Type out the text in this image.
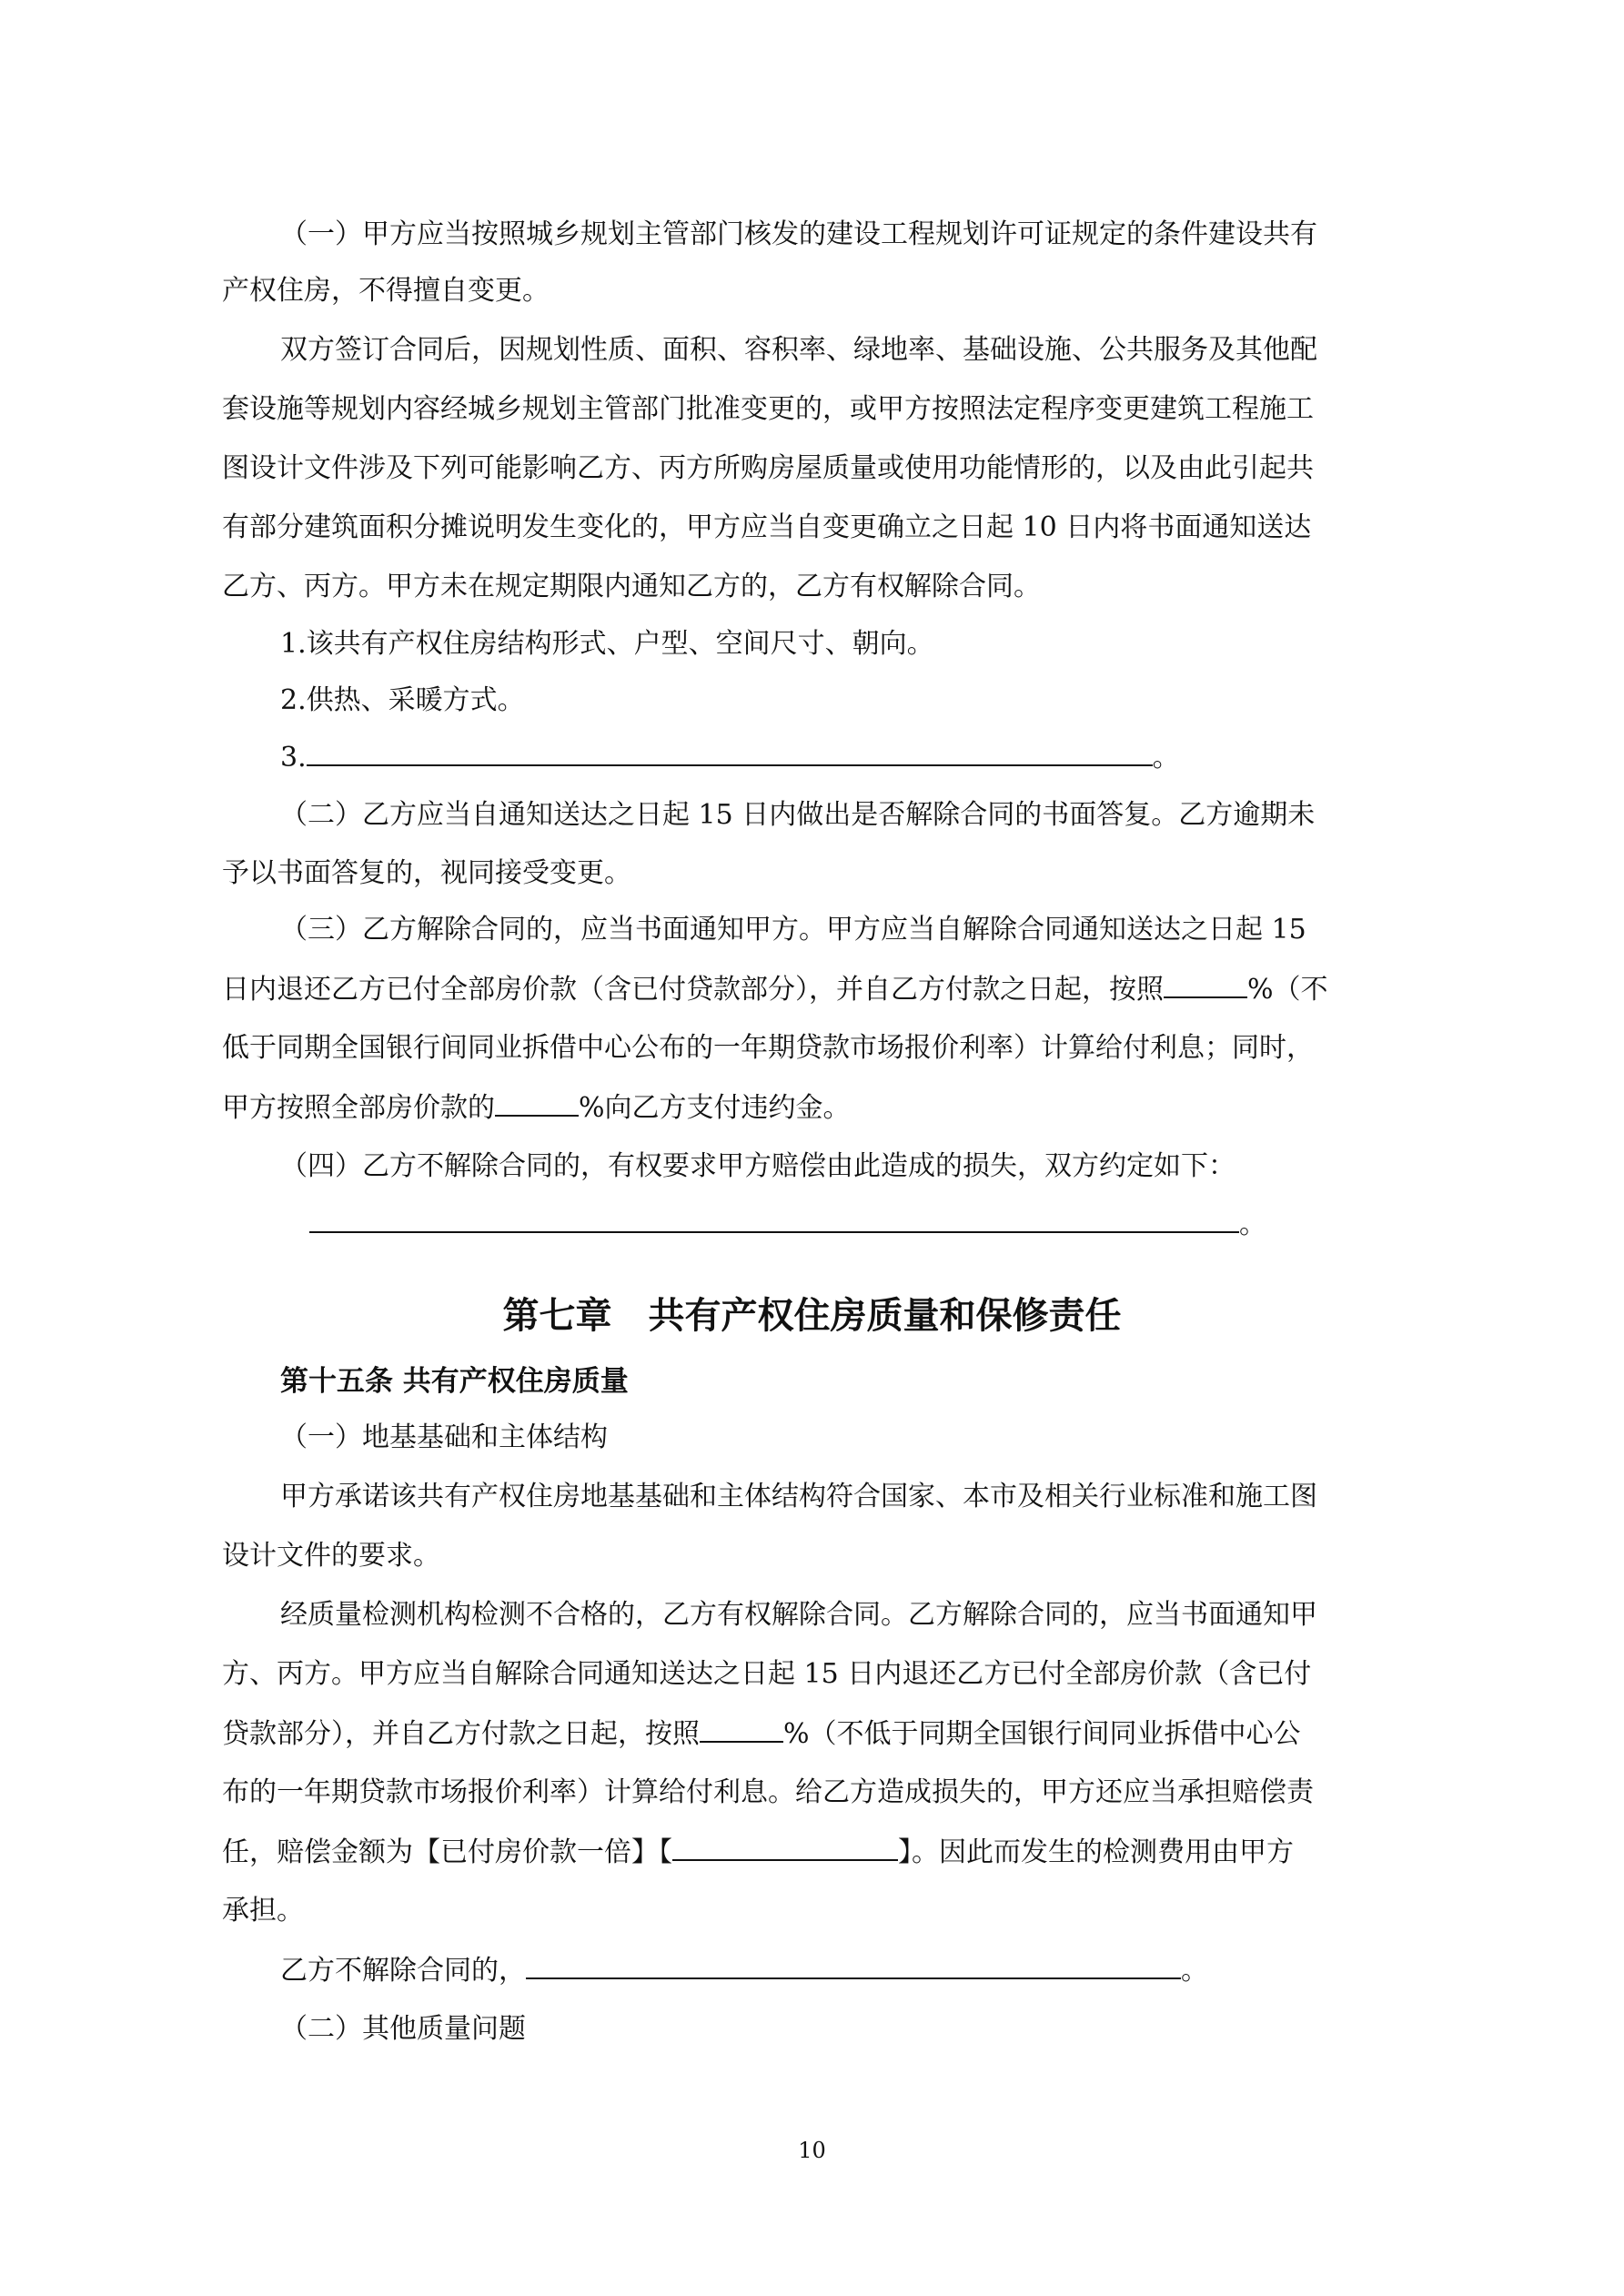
（一）甲方应当按照城乡规划主管部门核发的建设工程规划许可证规定的条件建设共有
产权住房，不得擅自变更。
双方签订合同后，因规划性质、面积、容积率、绿地率、基础设施、公共服务及其他配
套设施等规划内容经城乡规划主管部门批准变更的，或甲方按照法定程序变更建筑工程施工
图设计文件涉及下列可能影响乙方、丙方所购房屋质量或使用功能情形的，以及由此引起共
有部分建筑面积分摊说明发生变化的，甲方应当自变更确立之日起 10 日内将书面通知送达
乙方、丙方。甲方未在规定期限内通知乙方的，乙方有权解除合同。
1.该共有产权住房结构形式、户型、空间尺寸、朝向。
2.供热、采暖方式。
3.	。
（二）乙方应当自通知送达之日起 15 日内做出是否解除合同的书面答复。乙方逾期未
予以书面答复的，视同接受变更。
（三）乙方解除合同的，应当书面通知甲方。甲方应当自解除合同通知送达之日起 15
日内退还乙方已付全部房价款（含已付贷款部分），并自乙方付款之日起，按照	%（不
低于同期全国银行间同业拆借中心公布的一年期贷款市场报价利率）计算给付利息；同时，
甲方按照全部房价款的	%向乙方支付违约金。
（四）乙方不解除合同的，有权要求甲方赔偿由此造成的损失，双方约定如下：
。
第七章　共有产权住房质量和保修责任
第十五条 共有产权住房质量
（一）地基基础和主体结构
甲方承诺该共有产权住房地基基础和主体结构符合国家、本市及相关行业标准和施工图
设计文件的要求。
经质量检测机构检测不合格的，乙方有权解除合同。乙方解除合同的，应当书面通知甲
方、丙方。甲方应当自解除合同通知送达之日起 15 日内退还乙方已付全部房价款（含已付
贷款部分），并自乙方付款之日起，按照	%（不低于同期全国银行间同业拆借中心公
布的一年期贷款市场报价利率）计算给付利息。给乙方造成损失的，甲方还应当承担赔偿责
任，赔偿金额为【已付房价款一倍】【	】。因此而发生的检测费用由甲方
承担。
乙方不解除合同的，	。
（二）其他质量问题
10
